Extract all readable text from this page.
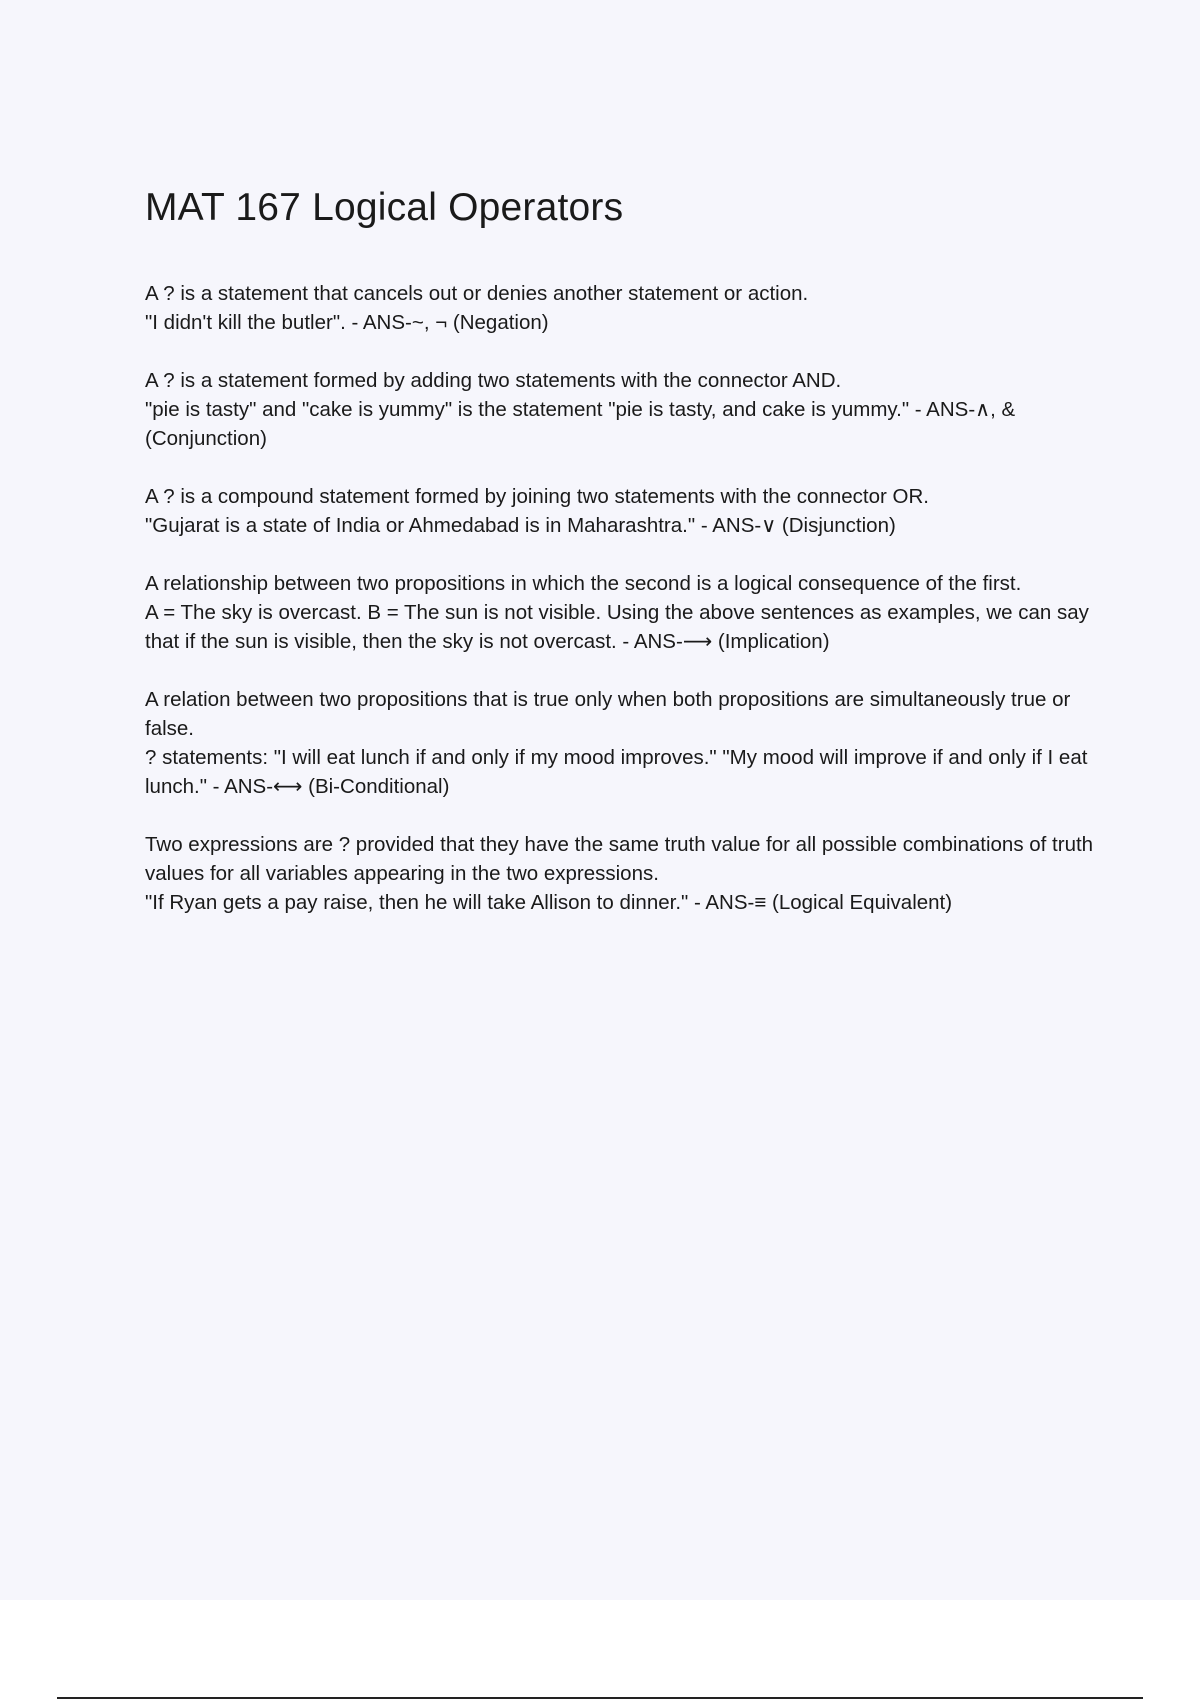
MAT 167 Logical Operators

A ? is a statement that cancels out or denies another statement or action.

"I didn't kill the butler". - ANS-~, ¬ (Negation)

A ? is a statement formed by adding two statements with the connector AND.

"pie is tasty" and "cake is yummy" is the statement "pie is tasty, and cake is yummy." - ANS-∧, & (Conjunction)

A ? is a compound statement formed by joining two statements with the connector OR.

"Gujarat is a state of India or Ahmedabad is in Maharashtra." - ANS-∨ (Disjunction)

A relationship between two propositions in which the second is a logical consequence of the first.

A = The sky is overcast. B = The sun is not visible. Using the above sentences as examples, we can say that if the sun is visible, then the sky is not overcast. - ANS-⟶ (Implication)

A relation between two propositions that is true only when both propositions are simultaneously true or false.

? statements: "I will eat lunch if and only if my mood improves." "My mood will improve if and only if I eat lunch." - ANS-⟷ (Bi-Conditional)

Two expressions are ? provided that they have the same truth value for all possible combinations of truth values for all variables appearing in the two expressions.

"If Ryan gets a pay raise, then he will take Allison to dinner." - ANS-≡ (Logical Equivalent)
